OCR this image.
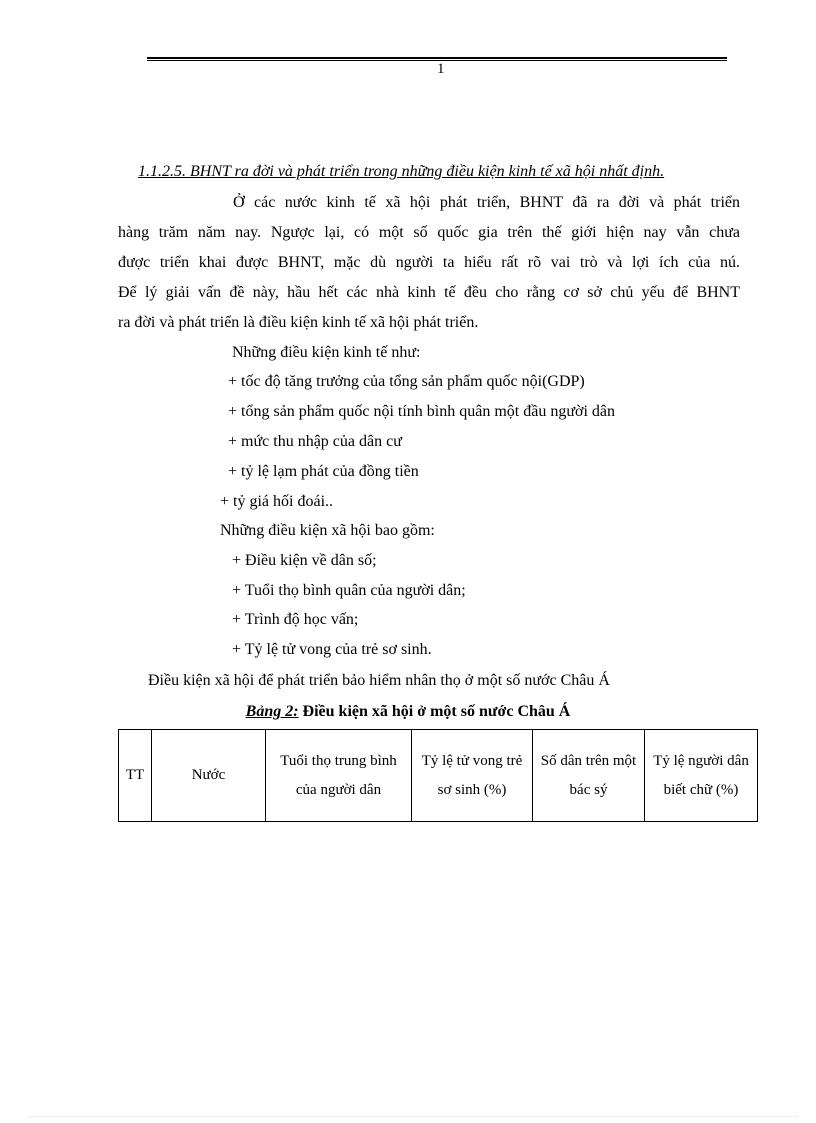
1
1.1.2.5. BHNT ra đời và phát triển trong những điều kiện kinh tế xã hội nhất định.
Ở các nước kinh tế xã hội phát triển, BHNT đã ra đời và phát triển
hàng trăm năm nay. Ngược lại, có một số quốc gia trên thế giới hiện nay vẫn chưa
được triển khai được BHNT, mặc dù người ta hiểu rất rõ vai trò và lợi ích của nú.
Để lý giải vấn đề này, hầu hết các nhà kinh tế đều cho rằng cơ sở chủ yếu để BHNT
ra đời và phát triển là điều kiện kinh tế xã hội phát triển.
Những điều kiện kinh tế như:
+ tốc độ tăng trưởng của tổng sản phẩm quốc nội(GDP)
+ tổng sản phẩm quốc nội tính bình quân một đầu người dân
+ mức thu nhập của dân cư
+ tỷ lệ lạm phát của đồng tiền
+ tỷ giá hối đoái..
Những điều kiện xã hội bao gồm:
+ Điều kiện về dân số;
+ Tuổi thọ bình quân của người dân;
+ Trình độ học vấn;
+ Tỷ lệ tử vong của trẻ sơ sinh.
Điều kiện xã hội để phát triển bảo hiểm nhân thọ ở một số nước Châu Á
Bảng 2: Điều kiện xã hội ở một số nước Châu Á
TT	Nước	Tuổi thọ trung bình của người dân	Tỷ lệ tử vong trẻ sơ sinh (%)	Số dân trên một bác sý	Tỷ lệ người dân biết chữ (%)
